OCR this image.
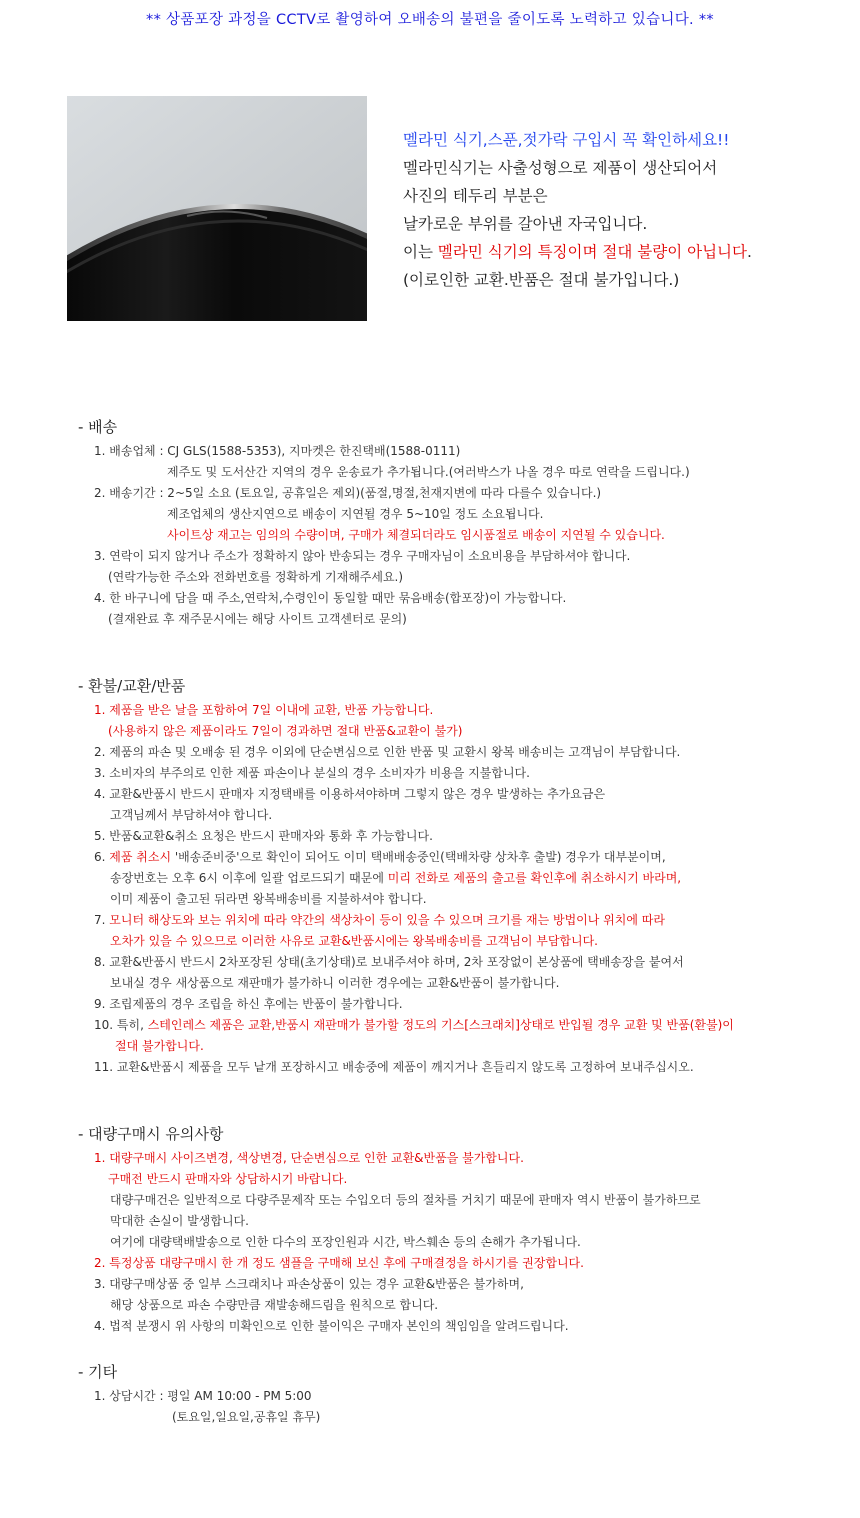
** 상품포장 과정을 CCTV로 촬영하여 오배송의 불편을 줄이도록 노력하고 있습니다. **
멜라민 식기,스푼,젓가락 구입시 꼭 확인하세요!!
멜라민식기는 사출성형으로 제품이 생산되어서
사진의 테두리 부분은
날카로운 부위를 갈아낸 자국입니다.
이는 멜라민 식기의 특징이며 절대 불량이 아닙니다.
(이로인한 교환.반품은 절대 불가입니다.)
- 배송
1. 배송업체 : CJ GLS(1588-5353), 지마켓은 한진택배(1588-0111)
제주도 및 도서산간 지역의 경우 운송료가 추가됩니다.(여러박스가 나올 경우 따로 연락을 드립니다.)
2. 배송기간 : 2~5일 소요 (토요일, 공휴일은 제외)(품절,명절,천재지변에 따라 다를수 있습니다.)
제조업체의 생산지연으로 배송이 지연될 경우 5~10일 정도 소요됩니다.
사이트상 재고는 임의의 수량이며, 구매가 체결되더라도 임시품절로 배송이 지연될 수 있습니다.
3. 연락이 되지 않거나 주소가 정확하지 않아 반송되는 경우 구매자님이 소요비용을 부담하셔야 합니다.
(연락가능한 주소와 전화번호를 정확하게 기재해주세요.)
4. 한 바구니에 담을 때 주소,연락처,수령인이 동일할 때만 묶음배송(합포장)이 가능합니다.
(결재완료 후 재주문시에는 해당 사이트 고객센터로 문의)
- 환불/교환/반품
1. 제품을 받은 날을 포함하여 7일 이내에 교환, 반품 가능합니다.
(사용하지 않은 제품이라도 7일이 경과하면 절대 반품&교환이 불가)
2. 제품의 파손 및 오배송 된 경우 이외에 단순변심으로 인한 반품 및 교환시 왕복 배송비는 고객님이 부담합니다.
3. 소비자의 부주의로 인한 제품 파손이나 분실의 경우 소비자가 비용을 지불합니다.
4. 교환&반품시 반드시 판매자 지정택배를 이용하셔야하며 그렇지 않은 경우 발생하는 추가요금은
고객님께서 부담하셔야 합니다.
5. 반품&교환&취소 요청은 반드시 판매자와 통화 후 가능합니다.
6. 제품 취소시 '배송준비중'으로 확인이 되어도 이미 택배배송중인(택배차량 상차후 출발) 경우가 대부분이며,
송장번호는 오후 6시 이후에 일괄 업로드되기 때문에 미리 전화로 제품의 출고를 확인후에 취소하시기 바라며,
이미 제품이 출고된 뒤라면 왕복배송비를 지불하셔야 합니다.
7. 모니터 해상도와 보는 위치에 따라 약간의 색상차이 등이 있을 수 있으며 크기를 재는 방법이나 위치에 따라
오차가 있을 수 있으므로 이러한 사유로 교환&반품시에는 왕복배송비를 고객님이 부담합니다.
8. 교환&반품시 반드시 2차포장된 상태(초기상태)로 보내주셔야 하며, 2차 포장없이 본상품에 택배송장을 붙여서
보내실 경우 새상품으로 재판매가 불가하니 이러한 경우에는 교환&반품이 불가합니다.
9. 조립제품의 경우 조립을 하신 후에는 반품이 불가합니다.
10. 특히, 스테인레스 제품은 교환,반품시 재판매가 불가할 정도의 기스[스크래치]상태로 반입될 경우 교환 및 반품(환불)이
절대 불가합니다.
11. 교환&반품시 제품을 모두 낱개 포장하시고 배송중에 제품이 깨지거나 흔들리지 않도록 고정하여 보내주십시오.
- 대량구매시 유의사항
1. 대량구매시 사이즈변경, 색상변경, 단순변심으로 인한 교환&반품을 불가합니다.
구매전 반드시 판매자와 상담하시기 바랍니다.
대량구매건은 일반적으로 다량주문제작 또는 수입오더 등의 절차를 거치기 때문에 판매자 역시 반품이 불가하므로
막대한 손실이 발생합니다.
여기에 대량택배발송으로 인한 다수의 포장인원과 시간, 박스훼손 등의 손해가 추가됩니다.
2. 특정상품 대량구매시 한 개 정도 샘플을 구매해 보신 후에 구매결정을 하시기를 권장합니다.
3. 대량구매상품 중 일부 스크래치나 파손상품이 있는 경우 교환&반품은 불가하며,
해당 상품으로 파손 수량만큼 재발송해드림을 원칙으로 합니다.
4. 법적 분쟁시 위 사항의 미확인으로 인한 불이익은 구매자 본인의 책임임을 알려드립니다.
- 기타
1. 상담시간 : 평일 AM 10:00 - PM 5:00
(토요일,일요일,공휴일 휴무)
